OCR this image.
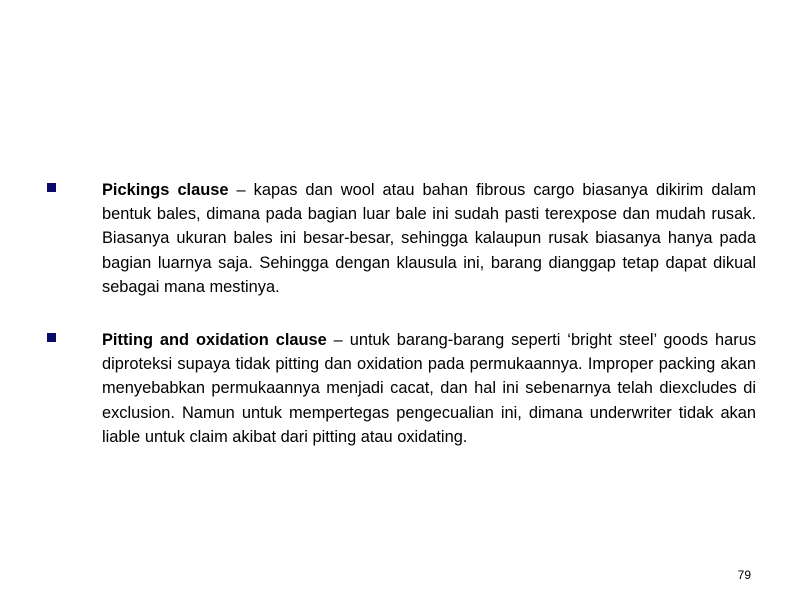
Pickings clause – kapas dan wool atau bahan fibrous cargo biasanya dikirim dalam bentuk bales, dimana pada bagian luar bale ini sudah pasti terexpose dan mudah rusak. Biasanya ukuran bales ini besar-besar, sehingga kalaupun rusak biasanya hanya pada bagian luarnya saja. Sehingga dengan klausula ini, barang dianggap tetap dapat dikual sebagai mana mestinya.
Pitting and oxidation clause – untuk barang-barang seperti ‘bright steel’ goods harus diproteksi supaya tidak pitting dan oxidation pada permukaannya. Improper packing akan menyebabkan permukaannya menjadi cacat, dan hal ini sebenarnya telah diexcludes di exclusion. Namun untuk mempertegas pengecualian ini, dimana underwriter tidak akan liable untuk claim akibat dari pitting atau oxidating.
79
